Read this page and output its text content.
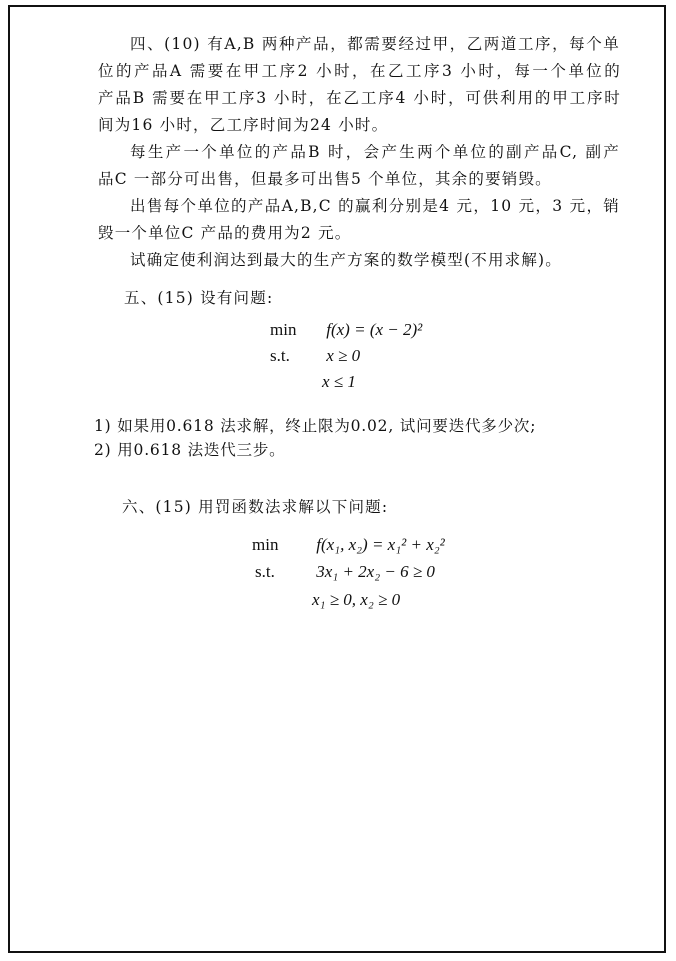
四、(10) 有A,B 两种产品，都需要经过甲，乙两道工序，每个单
位的产品A 需要在甲工序2 小时，在乙工序3 小时，每一个单位的
产品B 需要在甲工序3 小时，在乙工序4 小时，可供利用的甲工序时
间为16 小时，乙工序时间为24 小时。
每生产一个单位的产品B 时，会产生两个单位的副产品C, 副产
品C 一部分可出售，但最多可出售5 个单位，其余的要销毁。
出售每个单位的产品A,B,C 的赢利分别是4 元，10 元，3 元，销
毁一个单位C 产品的费用为2 元。
试确定使利润达到最大的生产方案的数学模型(不用求解)。
五、(15) 设有问题:
min f(x) = (x − 2)²
s.t. x ≥ 0
x ≤ 1
1) 如果用0.618 法求解，终止限为0.02, 试问要迭代多少次;
2) 用0.618 法迭代三步。
六、(15) 用罚函数法求解以下问题:
min f(x₁, x₂) = x₁² + x₂²
s.t. 3x₁ + 2x₂ − 6 ≥ 0
x₁ ≥ 0, x₂ ≥ 0
